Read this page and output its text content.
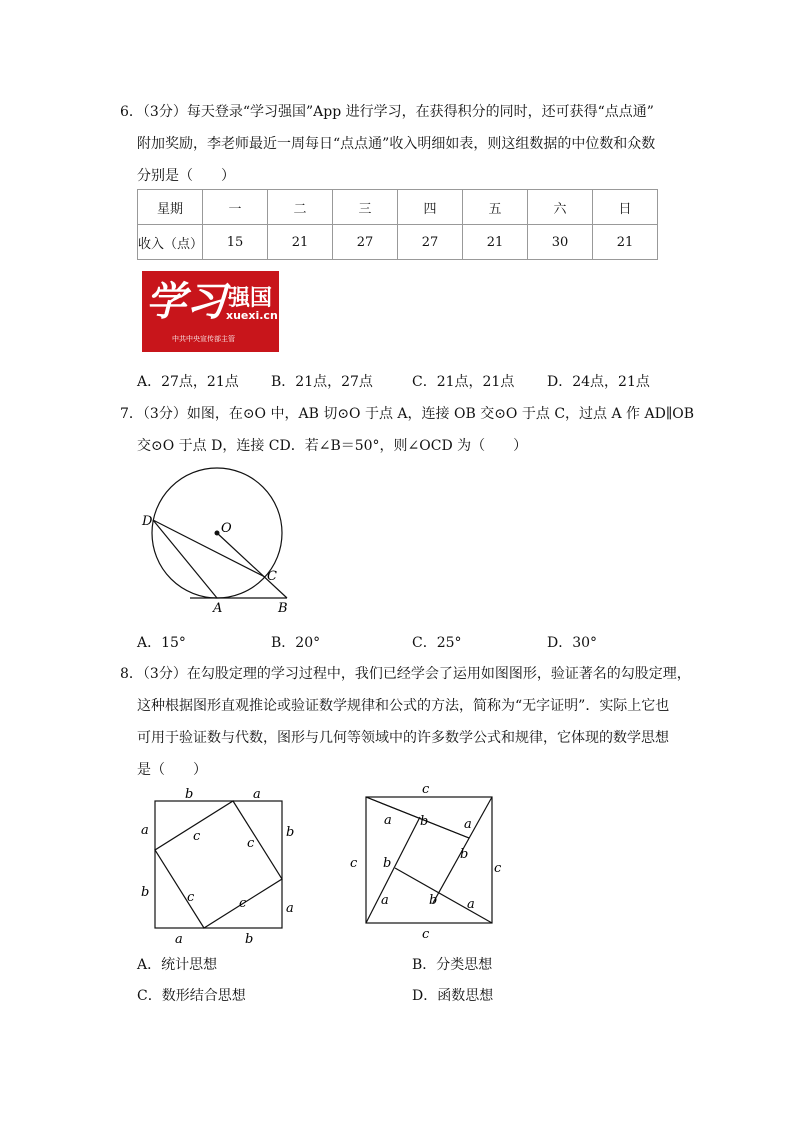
6．（3分）每天登录“学习强国”App 进行学习，在获得积分的同时，还可获得“点点通”
附加奖励，李老师最近一周每日“点点通”收入明细如表，则这组数据的中位数和众数
分别是（　　）
星期	一	二	三	四	五	六	日
收入（点）	15	21	27	27	21	30	21
学习 强国
xuexi.cn
中共中央宣传部主管
A．27点，21点 B．21点，27点	C．21点，21点 D．24点，21点
7．（3分）如图，在⊙O 中，AB 切⊙O 于点 A，连接 OB 交⊙O 于点 C，过点 A 作 AD∥OB
交⊙O 于点 D，连接 CD．若∠B＝50°，则∠OCD 为（　　）
D	O
C
A	B
A．15°	B．20°	C．25°	D．30°
8．（3分）在勾股定理的学习过程中，我们已经学会了运用如图图形，验证著名的勾股定理，
这种根据图形直观推论或验证数学规律和公式的方法，简称为“无字证明”．实际上它也
可用于验证数与代数，图形与几何等领域中的许多数学公式和规律，它体现的数学思想
是（　　）
b	a
a
b
b
a
a	b
c	c
c	c
c
c
c	c
a b	a
b
b
a	b a
A．统计思想	B．分类思想
C．数形结合思想	D．函数思想
